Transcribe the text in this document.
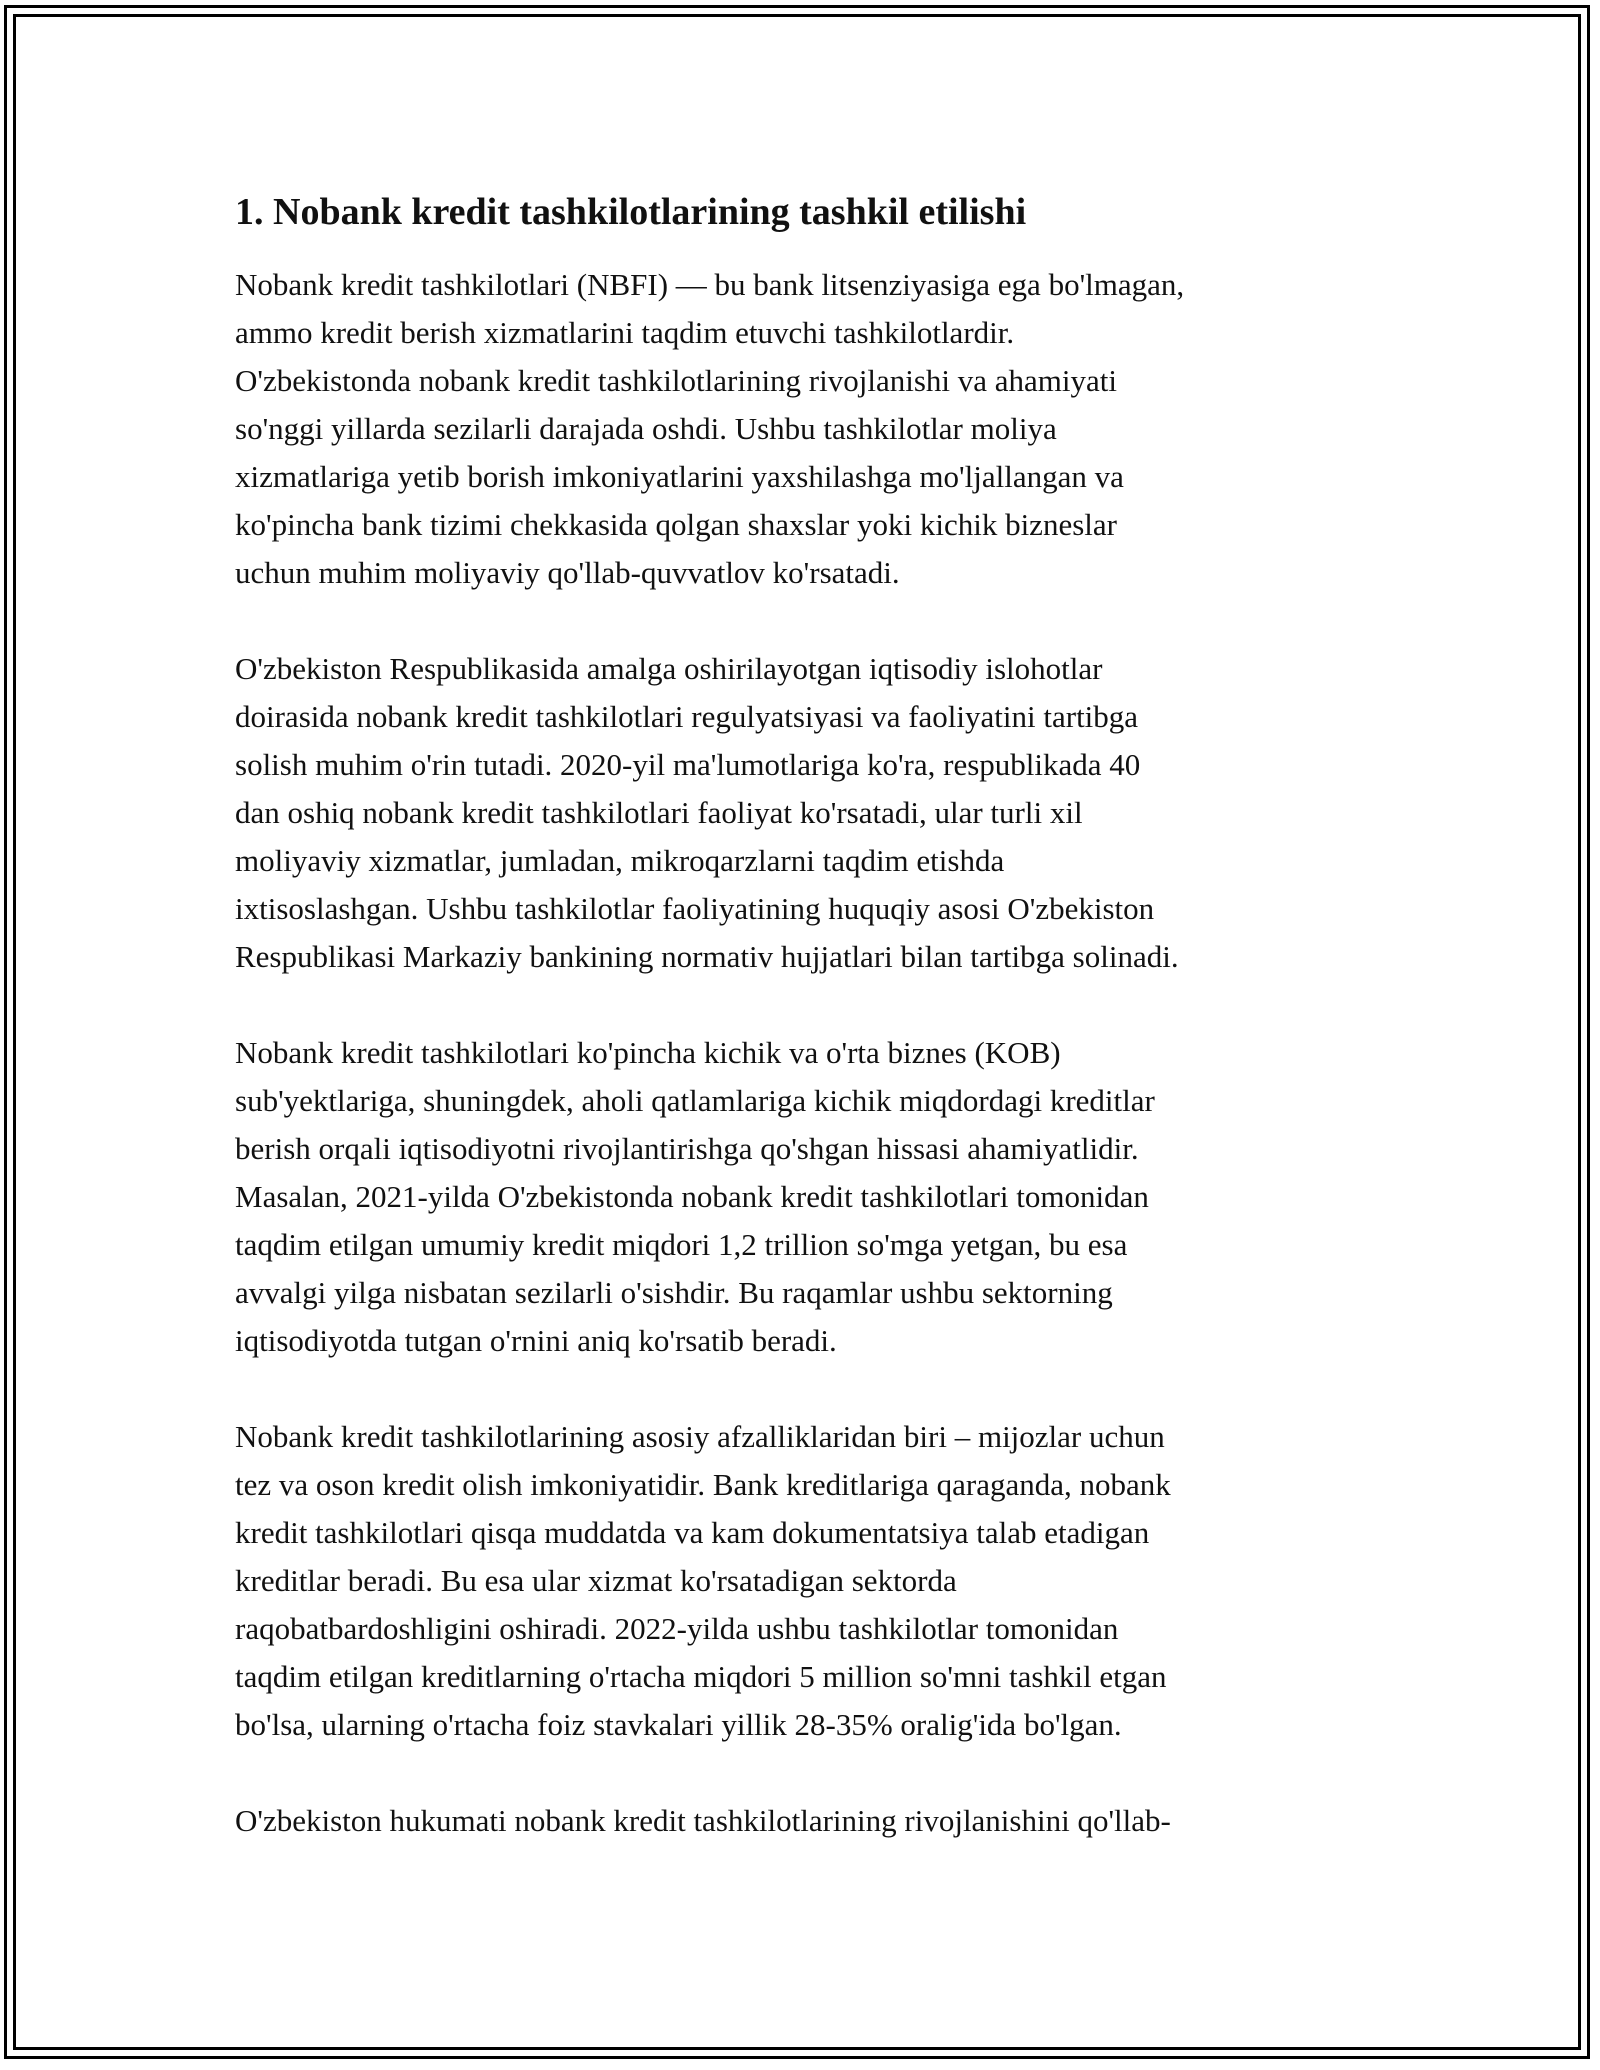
1. Nobank kredit tashkilotlarining tashkil etilishi

Nobank kredit tashkilotlari (NBFI) — bu bank litsenziyasiga ega bo'lmagan,
ammo kredit berish xizmatlarini taqdim etuvchi tashkilotlardir.
O'zbekistonda nobank kredit tashkilotlarining rivojlanishi va ahamiyati
so'nggi yillarda sezilarli darajada oshdi. Ushbu tashkilotlar moliya
xizmatlariga yetib borish imkoniyatlarini yaxshilashga mo'ljallangan va
ko'pincha bank tizimi chekkasida qolgan shaxslar yoki kichik bizneslar
uchun muhim moliyaviy qo'llab-quvvatlov ko'rsatadi.

O'zbekiston Respublikasida amalga oshirilayotgan iqtisodiy islohotlar
doirasida nobank kredit tashkilotlari regulyatsiyasi va faoliyatini tartibga
solish muhim o'rin tutadi. 2020-yil ma'lumotlariga ko'ra, respublikada 40
dan oshiq nobank kredit tashkilotlari faoliyat ko'rsatadi, ular turli xil
moliyaviy xizmatlar, jumladan, mikroqarzlarni taqdim etishda
ixtisoslashgan. Ushbu tashkilotlar faoliyatining huquqiy asosi O'zbekiston
Respublikasi Markaziy bankining normativ hujjatlari bilan tartibga solinadi.

Nobank kredit tashkilotlari ko'pincha kichik va o'rta biznes (KOB)
sub'yektlariga, shuningdek, aholi qatlamlariga kichik miqdordagi kreditlar
berish orqali iqtisodiyotni rivojlantirishga qo'shgan hissasi ahamiyatlidir.
Masalan, 2021-yilda O'zbekistonda nobank kredit tashkilotlari tomonidan
taqdim etilgan umumiy kredit miqdori 1,2 trillion so'mga yetgan, bu esa
avvalgi yilga nisbatan sezilarli o'sishdir. Bu raqamlar ushbu sektorning
iqtisodiyotda tutgan o'rnini aniq ko'rsatib beradi.

Nobank kredit tashkilotlarining asosiy afzalliklaridan biri – mijozlar uchun
tez va oson kredit olish imkoniyatidir. Bank kreditlariga qaraganda, nobank
kredit tashkilotlari qisqa muddatda va kam dokumentatsiya talab etadigan
kreditlar beradi. Bu esa ular xizmat ko'rsatadigan sektorda
raqobatbardoshligini oshiradi. 2022-yilda ushbu tashkilotlar tomonidan
taqdim etilgan kreditlarning o'rtacha miqdori 5 million so'mni tashkil etgan
bo'lsa, ularning o'rtacha foiz stavkalari yillik 28-35% oralig'ida bo'lgan.

O'zbekiston hukumati nobank kredit tashkilotlarining rivojlanishini qo'llab-
